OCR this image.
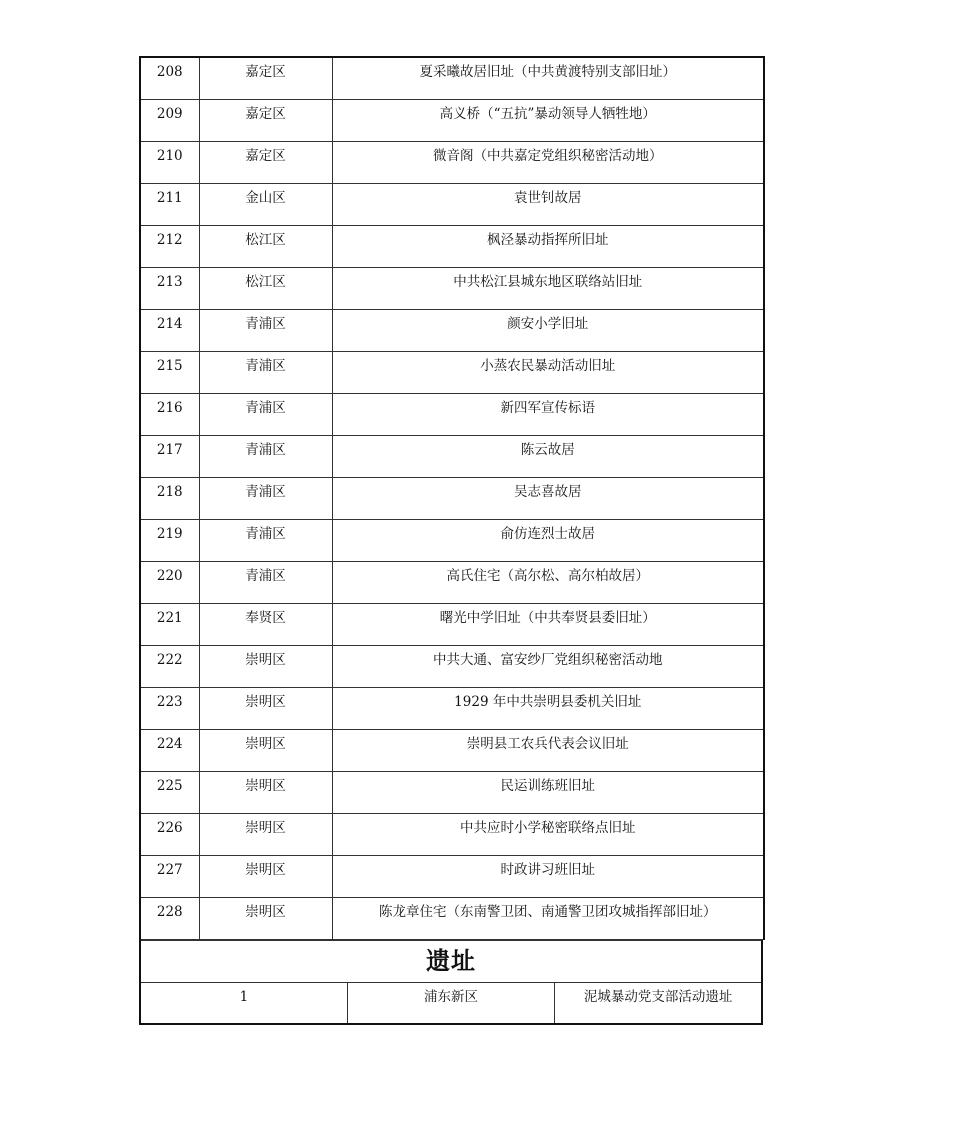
208	嘉定区	夏采曦故居旧址（中共黄渡特别支部旧址）
209	嘉定区	高义桥（“五抗”暴动领导人牺牲地）
210	嘉定区	微音阁（中共嘉定党组织秘密活动地）
211	金山区	袁世钊故居
212	松江区	枫泾暴动指挥所旧址
213	松江区	中共松江县城东地区联络站旧址
214	青浦区	颜安小学旧址
215	青浦区	小蒸农民暴动活动旧址
216	青浦区	新四军宣传标语
217	青浦区	陈云故居
218	青浦区	吴志喜故居
219	青浦区	俞仿连烈士故居
220	青浦区	高氏住宅（高尔松、高尔柏故居）
221	奉贤区	曙光中学旧址（中共奉贤县委旧址）
222	崇明区	中共大通、富安纱厂党组织秘密活动地
223	崇明区	1929 年中共崇明县委机关旧址
224	崇明区	崇明县工农兵代表会议旧址
225	崇明区	民运训练班旧址
226	崇明区	中共应时小学秘密联络点旧址
227	崇明区	时政讲习班旧址
228	崇明区	陈龙章住宅（东南警卫团、南通警卫团攻城指挥部旧址）
遗址
1	浦东新区	泥城暴动党支部活动遗址
